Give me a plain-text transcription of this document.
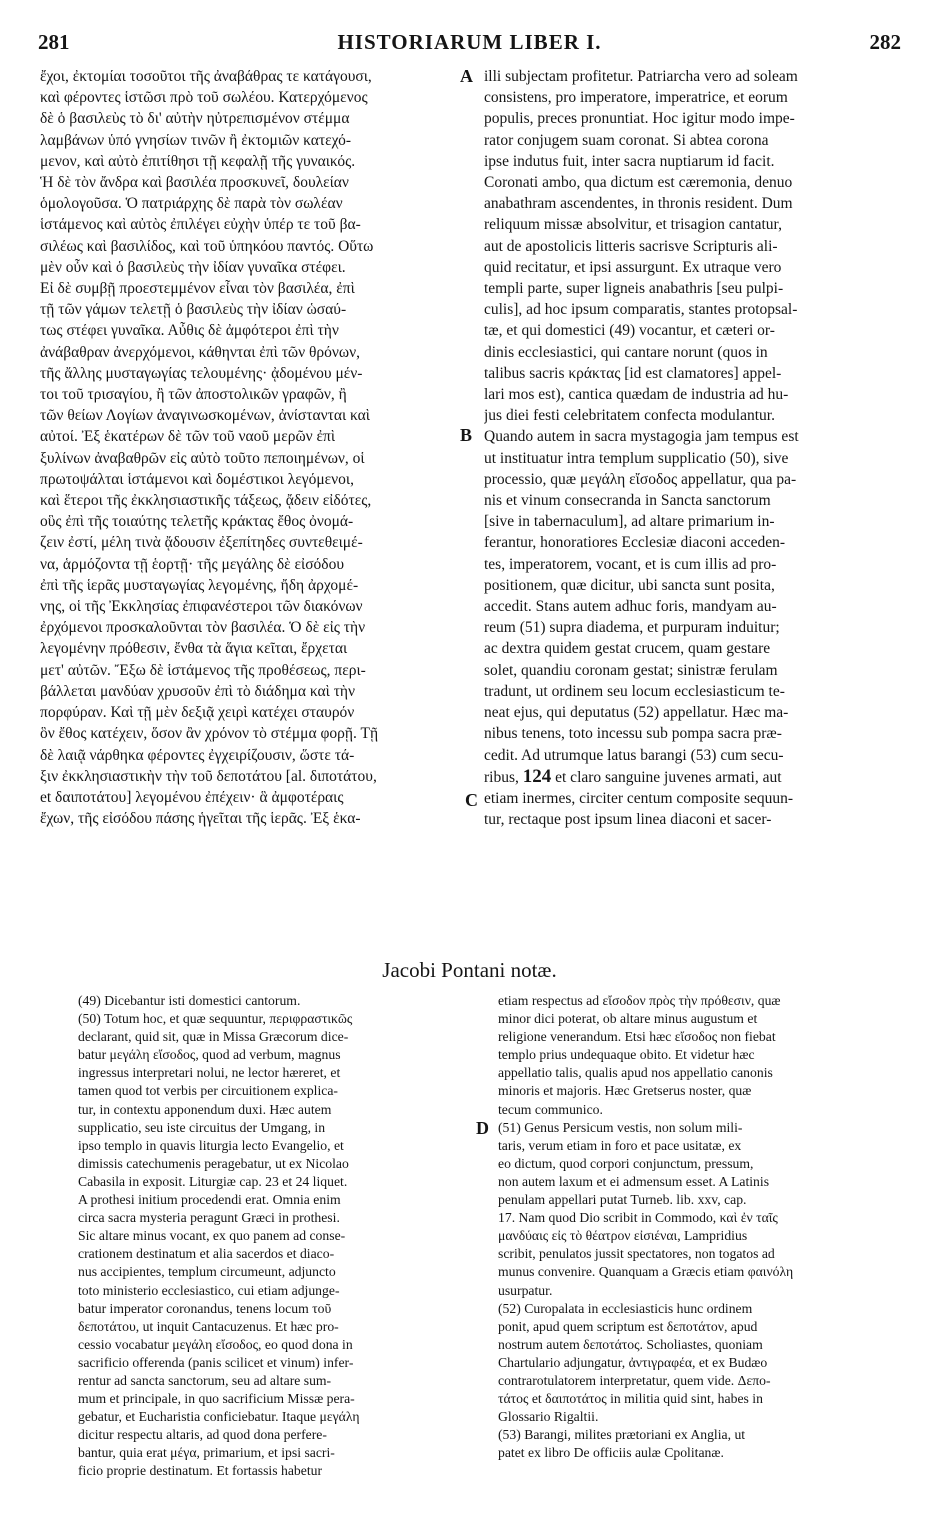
281	HISTORIARUM LIBER I.	282
ἔχοι, ἐκτομίαι τοσοῦτοι τῆς ἀναβάθρας τε κατάγουσι,
καὶ φέροντες ἱστῶσι πρὸ τοῦ σωλέου. Κατερχόμενος
δὲ ὁ βασιλεὺς τὸ δι' αὐτὴν ηὐτρεπισμένον στέμμα
λαμβάνων ὑπό γνησίων τινῶν ἢ ἐκτομιῶν κατεχό-
μενον, καὶ αὐτὸ ἐπιτίθησι τῇ κεφαλῇ τῆς γυναικός.
Ἡ δὲ τὸν ἄνδρα καὶ βασιλέα προσκυνεῖ, δουλείαν
ὁμολογοῦσα. Ὁ πατριάρχης δὲ παρὰ τὸν σωλέαν
ἱστάμενος καὶ αὐτὸς ἐπιλέγει εὐχὴν ὑπέρ τε τοῦ βα-
σιλέως καὶ βασιλίδος, καὶ τοῦ ὑπηκόου παντός. Οὕτω
μὲν οὖν καὶ ὁ βασιλεὺς τὴν ἰδίαν γυναῖκα στέφει.
Εἰ δὲ συμβῇ προεστεμμένον εἶναι τὸν βασιλέα, ἐπὶ
τῇ τῶν γάμων τελετῇ ὁ βασιλεὺς τὴν ἰδίαν ὡσαύ-
τως στέφει γυναῖκα. Αὖθις δὲ ἀμφότεροι ἐπὶ τὴν
ἀνάβαθραν ἀνερχόμενοι, κάθηνται ἐπὶ τῶν θρόνων,
τῆς ἄλλης μυσταγωγίας τελουμένης· ᾀδομένου μέν-
τοι τοῦ τρισαγίου, ἢ τῶν ἀποστολικῶν γραφῶν, ἢ
τῶν θείων Λογίων ἀναγινωσκομένων, ἀνίστανται καὶ
αὐτοί. Ἐξ ἑκατέρων δὲ τῶν τοῦ ναοῦ μερῶν ἐπὶ
ξυλίνων ἀναβαθρῶν εἰς αὐτὸ τοῦτο πεποιημένων, οἱ
πρωτοψάλται ἱστάμενοι καὶ δομέστικοι λεγόμενοι,
καὶ ἕτεροι τῆς ἐκκλησιαστικῆς τάξεως, ᾄδειν εἰδότες,
οὓς ἐπὶ τῆς τοιαύτης τελετῆς κράκτας ἔθος ὀνομά-
ζειν ἐστί, μέλη τινὰ ᾄδουσιν ἐξεπίτηδες συντεθειμέ-
να, ἁρμόζοντα τῇ ἑορτῇ· τῆς μεγάλης δὲ εἰσόδου
ἐπὶ τῆς ἱερᾶς μυσταγωγίας λεγομένης, ἤδη ἀρχομέ-
νης, οἱ τῆς Ἐκκλησίας ἐπιφανέστεροι τῶν διακόνων
ἐρχόμενοι προσκαλοῦνται τὸν βασιλέα. Ὁ δὲ εἰς τὴν
λεγομένην πρόθεσιν, ἔνθα τὰ ἅγια κεῖται, ἔρχεται
μετ' αὐτῶν. Ἔξω δὲ ἱστάμενος τῆς προθέσεως, περι-
βάλλεται μανδύαν χρυσοῦν ἐπὶ τὸ διάδημα καὶ τὴν
πορφύραν. Καὶ τῇ μὲν δεξιᾷ χειρὶ κατέχει σταυρόν
ὃν ἔθος κατέχειν, ὅσον ἂν χρόνον τὸ στέμμα φορῇ. Τῇ
δὲ λαιᾷ νάρθηκα φέροντες ἐγχειρίζουσιν, ὥστε τά-
ξιν ἐκκλησιαστικὴν τὴν τοῦ δεποτάτου [al. διποτάτου,
et δαιποτάτου] λεγομένου ἐπέχειν· ἃ ἀμφοτέραις
ἔχων, τῆς εἰσόδου πάσης ἡγεῖται τῆς ἱερᾶς. Ἐξ ἑκα-
illi subjectam profitetur. Patriarcha vero ad soleam
consistens, pro imperatore, imperatrice, et eorum
populis, preces pronuntiat. Hoc igitur modo impe-
rator conjugem suam coronat. Si abtea corona
ipse indutus fuit, inter sacra nuptiarum id facit.
Coronati ambo, qua dictum est cæremonia, denuo
anabathram ascendentes, in thronis resident. Dum
reliquum missæ absolvitur, et trisagion cantatur,
aut de apostolicis litteris sacrisve Scripturis ali-
quid recitatur, et ipsi assurgunt. Ex utraque vero
templi parte, super ligneis anabathris [seu pulpi-
culis], ad hoc ipsum comparatis, stantes protopsal-
tæ, et qui domestici (49) vocantur, et cæteri or-
dinis ecclesiastici, qui cantare norunt (quos in
talibus sacris κράκτας [id est clamatores] appel-
lari mos est), cantica quædam de industria ad hu-
jus diei festi celebritatem confecta modulantur.
Quando autem in sacra mystagogia jam tempus est
ut instituatur intra templum supplicatio (50), sive
processio, quæ μεγάλη εἴσοδος appellatur, qua pa-
nis et vinum consecranda in Sancta sanctorum
[sive in tabernaculum], ad altare primarium in-
ferantur, honoratiores Ecclesiæ diaconi acceden-
tes, imperatorem, vocant, et is cum illis ad pro-
positionem, quæ dicitur, ubi sancta sunt posita,
accedit. Stans autem adhuc foris, mandyam au-
reum (51) supra diadema, et purpuram induitur;
ac dextra quidem gestat crucem, quam gestare
solet, quandiu coronam gestat; sinistræ ferulam
tradunt, ut ordinem seu locum ecclesiasticum te-
neat ejus, qui deputatus (52) appellatur. Hæc ma-
nibus tenens, toto incessu sub pompa sacra præ-
cedit. Ad utrumque latus barangi (53) cum secu-
ribus, 124 et claro sanguine juvenes armati, aut
etiam inermes, circiter centum composite sequun-
tur, rectaque post ipsum linea diaconi et sacer-
A
B
C
D
Jacobi Pontani notæ.
(49) Dicebantur isti domestici cantorum.
(50) Totum hoc, et quæ sequuntur, περιφραστικῶς
declarant, quid sit, quæ in Missa Græcorum dice-
batur μεγάλη εἴσοδος, quod ad verbum, magnus
ingressus interpretari nolui, ne lector hæreret, et
tamen quod tot verbis per circuitionem explica-
tur, in contextu apponendum duxi. Hæc autem
supplicatio, seu iste circuitus der Umgang, in
ipso templo in quavis liturgia lecto Evangelio, et
dimissis catechumenis peragebatur, ut ex Nicolao
Cabasila in exposit. Liturgiæ cap. 23 et 24 liquet.
A prothesi initium procedendi erat. Omnia enim
circa sacra mysteria peragunt Græci in prothesi.
Sic altare minus vocant, ex quo panem ad conse-
crationem destinatum et alia sacerdos et diaco-
nus accipientes, templum circumeunt, adjuncto
toto ministerio ecclesiastico, cui etiam adjunge-
batur imperator coronandus, tenens locum τοῦ
δεποτάτου, ut inquit Cantacuzenus. Et hæc pro-
cessio vocabatur μεγάλη εἴσοδος, eo quod dona in
sacrificio offerenda (panis scilicet et vinum) infer-
rentur ad sancta sanctorum, seu ad altare sum-
mum et principale, in quo sacrificium Missæ pera-
gebatur, et Eucharistia conficiebatur. Itaque μεγάλη
dicitur respectu altaris, ad quod dona perfere-
bantur, quia erat μέγα, primarium, et ipsi sacri-
ficio proprie destinatum. Et fortassis habetur
etiam respectus ad εἴσοδον πρὸς τὴν πρόθεσιν, quæ
minor dici poterat, ob altare minus augustum et
religione venerandum. Etsi hæc εἴσοδος non fiebat
templo prius undequaque obito. Et videtur hæc
appellatio talis, qualis apud nos appellatio canonis
minoris et majoris. Hæc Gretserus noster, quæ
tecum communico.
(51) Genus Persicum vestis, non solum mili-
taris, verum etiam in foro et pace usitatæ, ex
eo dictum, quod corpori conjunctum, pressum,
non autem laxum et ei admensum esset. A Latinis
penulam appellari putat Turneb. lib. xxv, cap.
17. Nam quod Dio scribit in Commodo, καὶ ἐν ταῖς
μανδύαις εἰς τὸ θέατρον εἰσιέναι, Lampridius
scribit, penulatos jussit spectatores, non togatos ad
munus convenire. Quanquam a Græcis etiam φαινόλη
usurpatur.
(52) Curopalata in ecclesiasticis hunc ordinem
ponit, apud quem scriptum est δεποτάτον, apud
nostrum autem δεποτάτος. Scholiastes, quoniam
Chartulario adjungatur, ἀντιγραφέα, et ex Budæo
contrarotulatorem interpretatur, quem vide. Δεπο-
τάτος et δαιποτάτος in militia quid sint, habes in
Glossario Rigaltii.
(53) Barangi, milites prætoriani ex Anglia, ut
patet ex libro De officiis aulæ Cpolitanæ.
